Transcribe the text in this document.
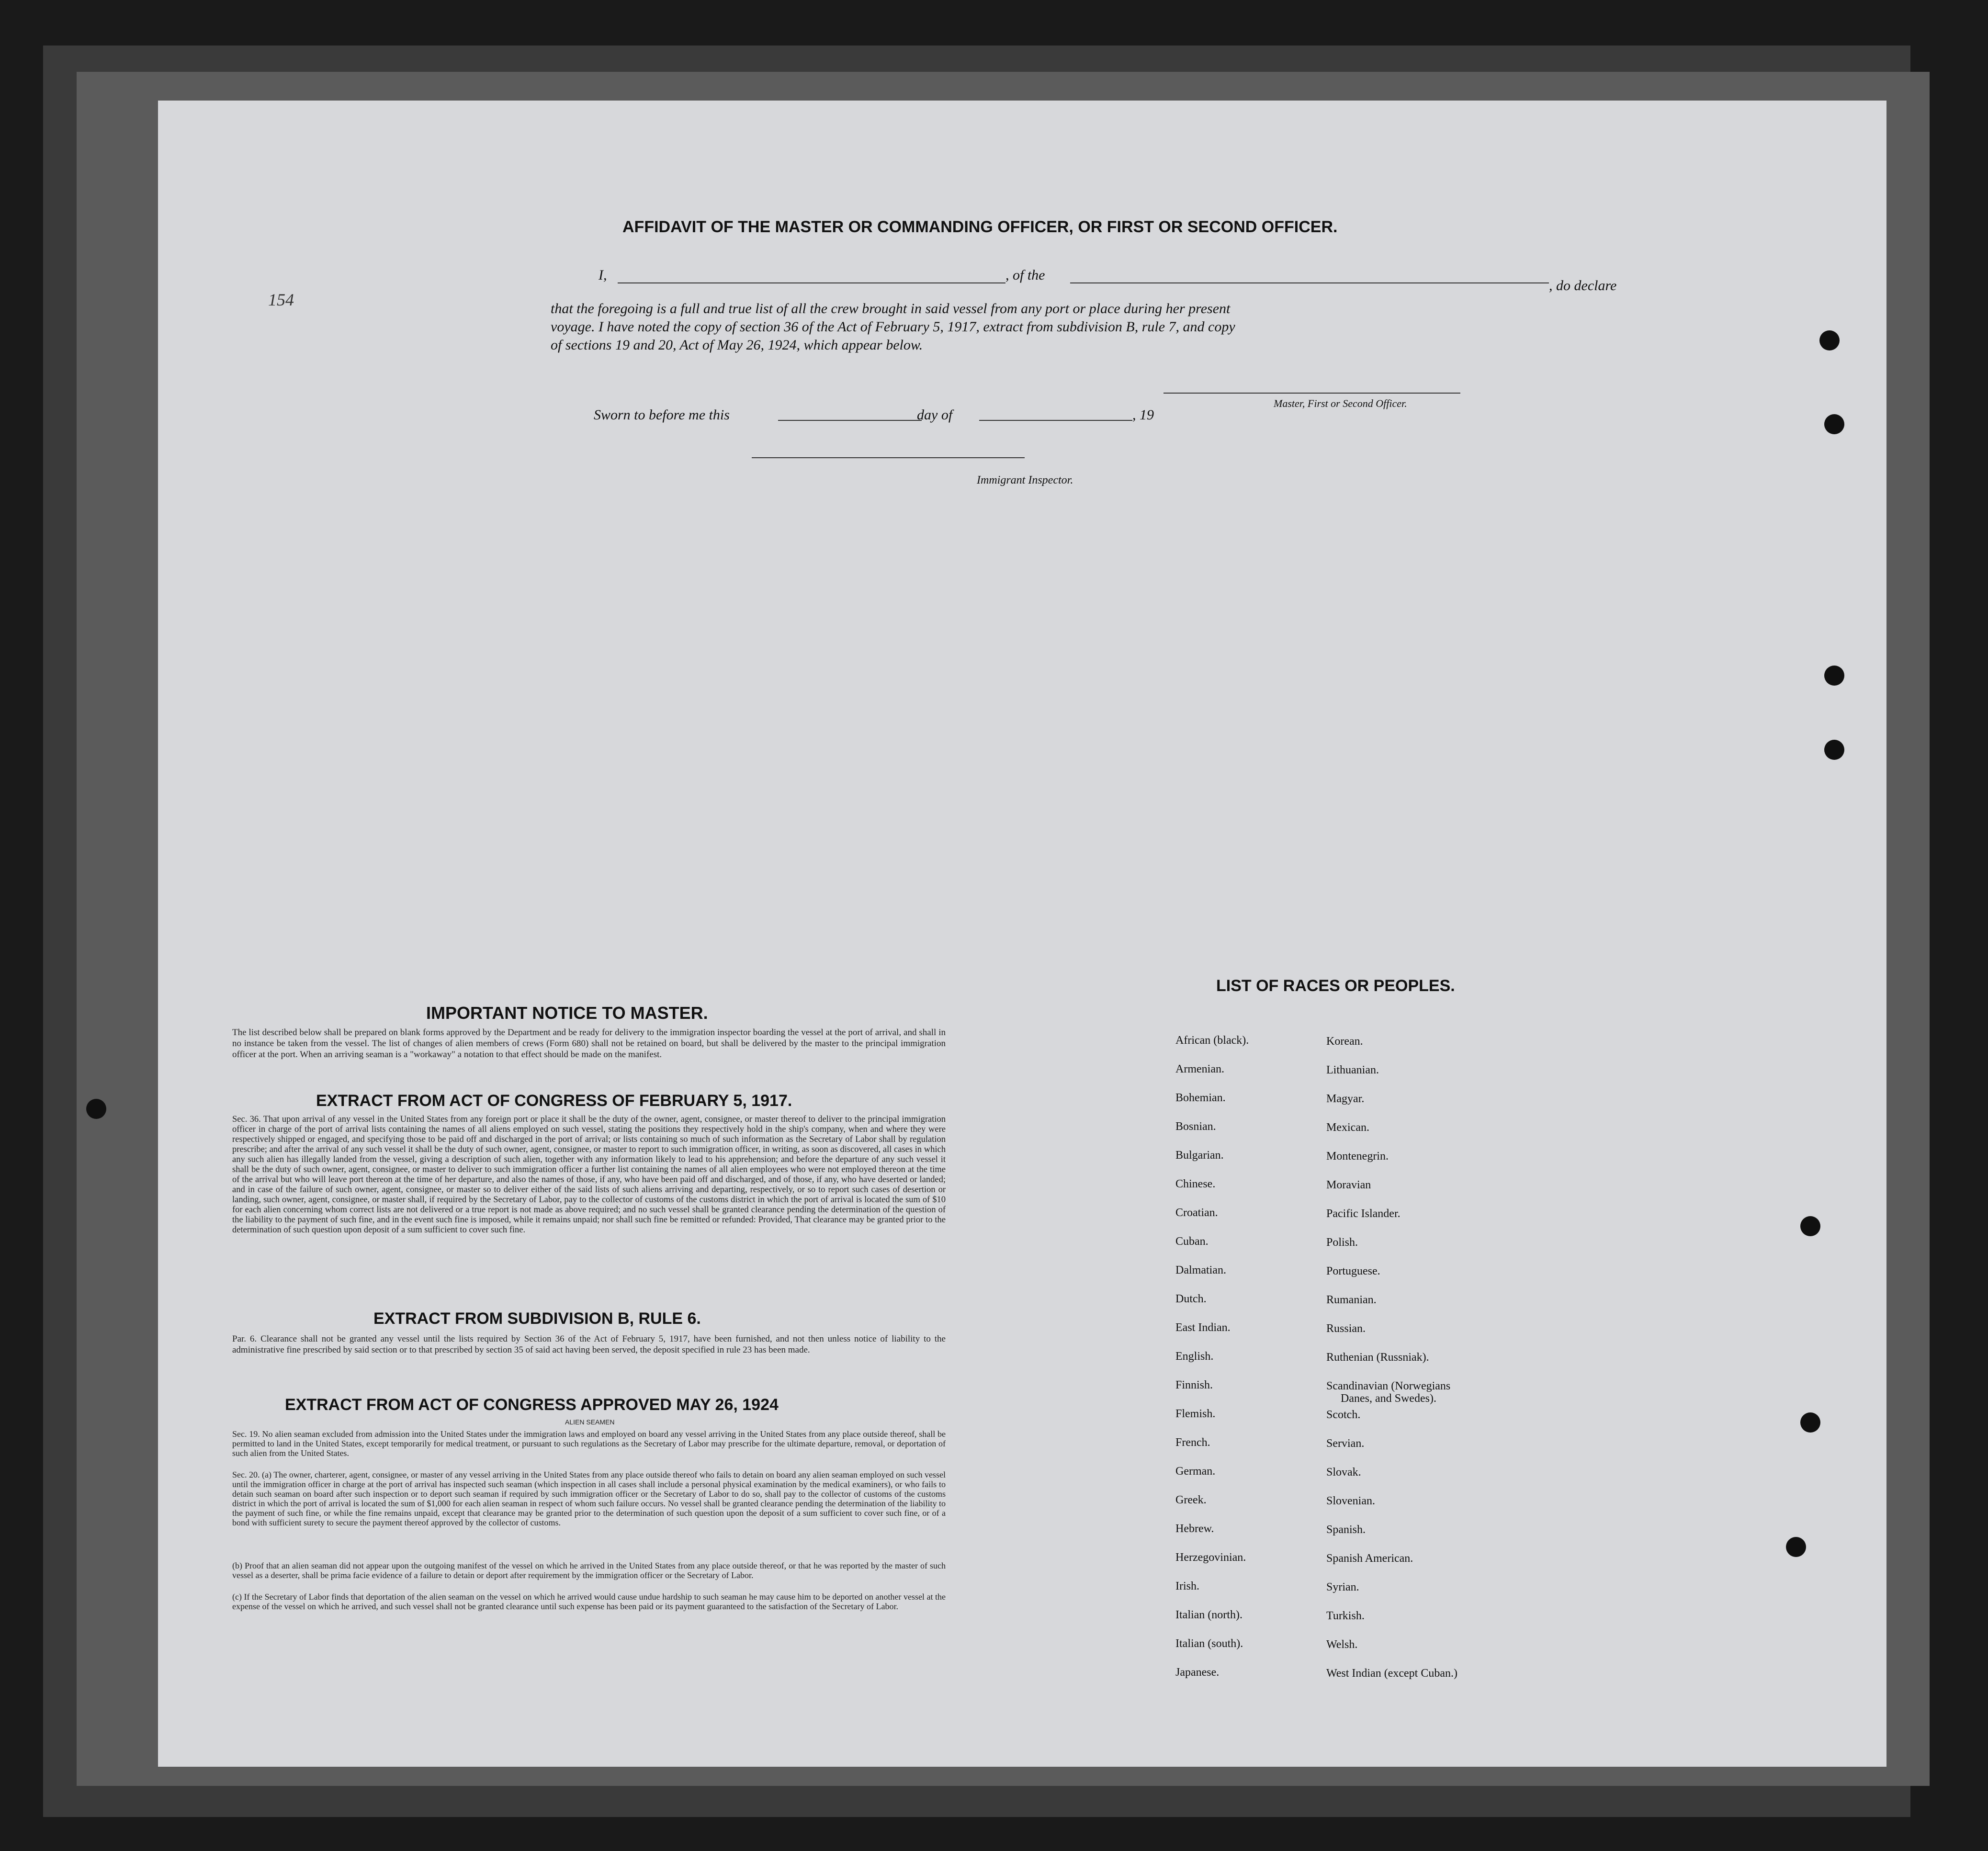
154
AFFIDAVIT OF THE MASTER OR COMMANDING OFFICER, OR FIRST OR SECOND OFFICER.
I,	, of the
, do declare
that the foregoing is a full and true list of all the crew brought in said vessel from any port or place during her present
voyage. I have noted the copy of section 36 of the Act of February 5, 1917, extract from subdivision B, rule 7, and copy
of sections 19 and 20, Act of May 26, 1924, which appear below.
Master, First or Second Officer.
Sworn to before me this	day of	, 19
Immigrant Inspector.
IMPORTANT NOTICE TO MASTER.
The list described below shall be prepared on blank forms approved by the Department and be ready for delivery to the immigration inspector boarding the vessel at the port of arrival, and shall in no instance be taken from the vessel. The list of changes of alien members of crews (Form 680) shall not be retained on board, but shall be delivered by the master to the principal immigration officer at the port. When an arriving seaman is a "workaway" a notation to that effect should be made on the manifest.
EXTRACT FROM ACT OF CONGRESS OF FEBRUARY 5, 1917.
Sec. 36. That upon arrival of any vessel in the United States from any foreign port or place it shall be the duty of the owner, agent, consignee, or master thereof to deliver to the principal immigration officer in charge of the port of arrival lists containing the names of all aliens employed on such vessel, stating the positions they respectively hold in the ship's company, when and where they were respectively shipped or engaged, and specifying those to be paid off and discharged in the port of arrival; or lists containing so much of such information as the Secretary of Labor shall by regulation prescribe; and after the arrival of any such vessel it shall be the duty of such owner, agent, consignee, or master to report to such immigration officer, in writing, as soon as discovered, all cases in which any such alien has illegally landed from the vessel, giving a description of such alien, together with any information likely to lead to his apprehension; and before the departure of any such vessel it shall be the duty of such owner, agent, consignee, or master to deliver to such immigration officer a further list containing the names of all alien employees who were not employed thereon at the time of the arrival but who will leave port thereon at the time of her departure, and also the names of those, if any, who have been paid off and discharged, and of those, if any, who have deserted or landed; and in case of the failure of such owner, agent, consignee, or master so to deliver either of the said lists of such aliens arriving and departing, respectively, or so to report such cases of desertion or landing, such owner, agent, consignee, or master shall, if required by the Secretary of Labor, pay to the collector of customs of the customs district in which the port of arrival is located the sum of $10 for each alien concerning whom correct lists are not delivered or a true report is not made as above required; and no such vessel shall be granted clearance pending the determination of the question of the liability to the payment of such fine, and in the event such fine is imposed, while it remains unpaid; nor shall such fine be remitted or refunded: Provided, That clearance may be granted prior to the determination of such question upon deposit of a sum sufficient to cover such fine.
EXTRACT FROM SUBDIVISION B, RULE 6.
Par. 6. Clearance shall not be granted any vessel until the lists required by Section 36 of the Act of February 5, 1917, have been furnished, and not then unless notice of liability to the administrative fine prescribed by said section or to that prescribed by section 35 of said act having been served, the deposit specified in rule 23 has been made.
EXTRACT FROM ACT OF CONGRESS APPROVED MAY 26, 1924
ALIEN SEAMEN
Sec. 19. No alien seaman excluded from admission into the United States under the immigration laws and employed on board any vessel arriving in the United States from any place outside thereof, shall be permitted to land in the United States, except temporarily for medical treatment, or pursuant to such regulations as the Secretary of Labor may prescribe for the ultimate departure, removal, or deportation of such alien from the United States.
Sec. 20. (a) The owner, charterer, agent, consignee, or master of any vessel arriving in the United States from any place outside thereof who fails to detain on board any alien seaman employed on such vessel until the immigration officer in charge at the port of arrival has inspected such seaman (which inspection in all cases shall include a personal physical examination by the medical examiners), or who fails to detain such seaman on board after such inspection or to deport such seaman if required by such immigration officer or the Secretary of Labor to do so, shall pay to the collector of customs of the customs district in which the port of arrival is located the sum of $1,000 for each alien seaman in respect of whom such failure occurs. No vessel shall be granted clearance pending the determination of the liability to the payment of such fine, or while the fine remains unpaid, except that clearance may be granted prior to the determination of such question upon the deposit of a sum sufficient to cover such fine, or of a bond with sufficient surety to secure the payment thereof approved by the collector of customs.
(b) Proof that an alien seaman did not appear upon the outgoing manifest of the vessel on which he arrived in the United States from any place outside thereof, or that he was reported by the master of such vessel as a deserter, shall be prima facie evidence of a failure to detain or deport after requirement by the immigration officer or the Secretary of Labor.
(c) If the Secretary of Labor finds that deportation of the alien seaman on the vessel on which he arrived would cause undue hardship to such seaman he may cause him to be deported on another vessel at the expense of the vessel on which he arrived, and such vessel shall not be granted clearance until such expense has been paid or its payment guaranteed to the satisfaction of the Secretary of Labor.
LIST OF RACES OR PEOPLES.
African (black).
Armenian.
Bohemian.
Bosnian.
Bulgarian.
Chinese.
Croatian.
Cuban.
Dalmatian.
Dutch.
East Indian.
English.
Finnish.
Flemish.
French.
German.
Greek.
Hebrew.
Herzegovinian.
Irish.
Italian (north).
Italian (south).
Japanese.
Korean.
Lithuanian.
Magyar.
Mexican.
Montenegrin.
Moravian
Pacific Islander.
Polish.
Portuguese.
Rumanian.
Russian.
Ruthenian (Russniak).
Scandinavian (Norwegians
Danes, and Swedes).
Scotch.
Servian.
Slovak.
Slovenian.
Spanish.
Spanish American.
Syrian.
Turkish.
Welsh.
West Indian (except Cuban.)
